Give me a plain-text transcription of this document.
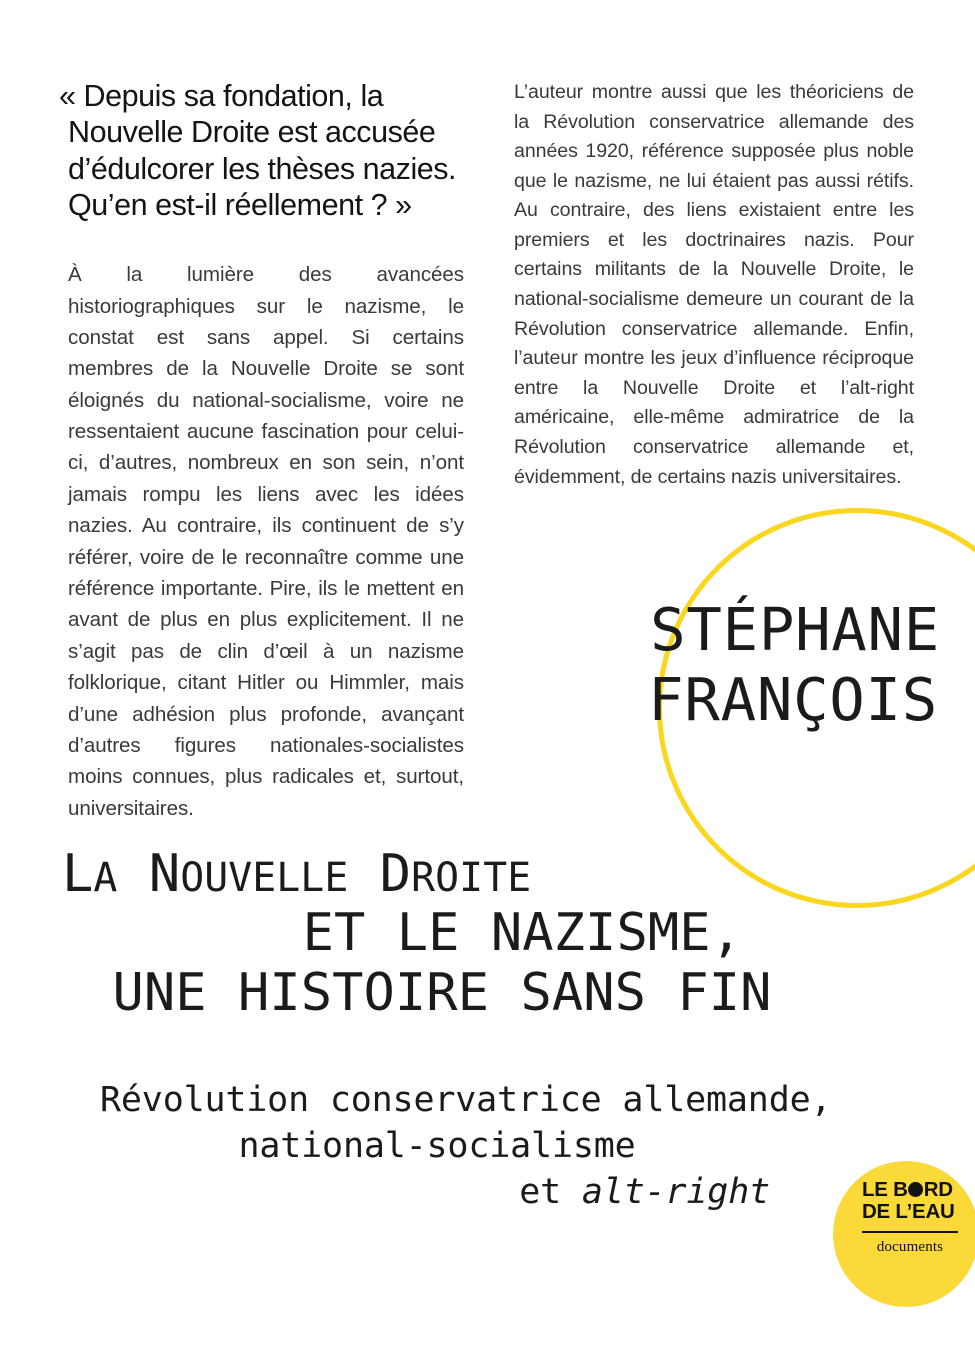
« Depuis sa fondation, la Nouvelle Droite est accusée d’édulcorer les thèses nazies. Qu’en est-il réellement ? »

À la lumière des avancées historiographiques sur le nazisme, le constat est sans appel. Si certains membres de la Nouvelle Droite se sont éloignés du national-socialisme, voire ne ressentaient aucune fascination pour celui-ci, d’autres, nombreux en son sein, n’ont jamais rompu les liens avec les idées nazies. Au contraire, ils continuent de s’y référer, voire de le reconnaître comme une référence importante. Pire, ils le mettent en avant de plus en plus explicitement. Il ne s’agit pas de clin d’œil à un nazisme folklorique, citant Hitler ou Himmler, mais d’une adhésion plus profonde, avançant d’autres figures nationales-socialistes moins connues, plus radicales et, surtout, universitaires.

L’auteur montre aussi que les théoriciens de la Révolution conservatrice allemande des années 1920, référence supposée plus noble que le nazisme, ne lui étaient pas aussi rétifs. Au contraire, des liens existaient entre les premiers et les doctrinaires nazis. Pour certains militants de la Nouvelle Droite, le national-socialisme demeure un courant de la Révolution conservatrice allemande. Enfin, l’auteur montre les jeux d’influence réciproque entre la Nouvelle Droite et l’alt-right américaine, elle-même admiratrice de la Révolution conservatrice allemande et, évidemment, de certains nazis universitaires.

STÉPHANE
FRANÇOIS
LA NOUVELLE DROITE
ET LE NAZISME,
UNE HISTOIRE SANS FIN
Révolution conservatrice allemande,
national-socialisme
et alt-right	LE B RD
DE L’EAU
documents
